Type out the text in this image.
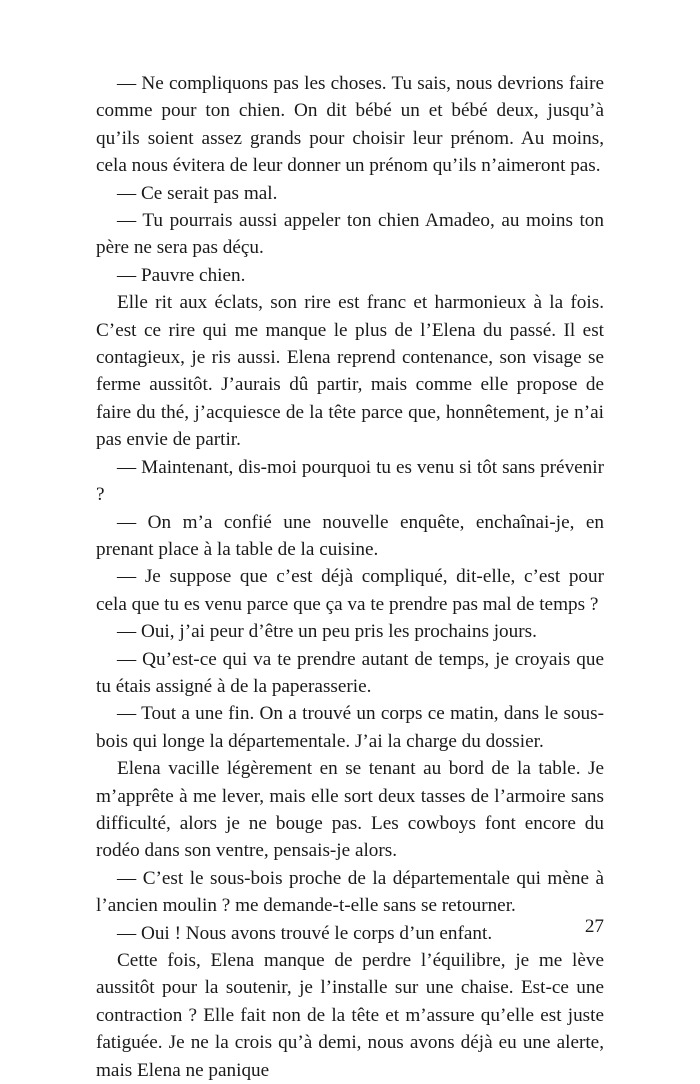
— Ne compliquons pas les choses. Tu sais, nous devrions faire comme pour ton chien. On dit bébé un et bébé deux, jusqu’à qu’ils soient assez grands pour choisir leur prénom. Au moins, cela nous évitera de leur donner un prénom qu’ils n’aimeront pas.

— Ce serait pas mal.

— Tu pourrais aussi appeler ton chien Amadeo, au moins ton père ne sera pas déçu.

— Pauvre chien.

Elle rit aux éclats, son rire est franc et harmonieux à la fois. C’est ce rire qui me manque le plus de l’Elena du passé. Il est contagieux, je ris aussi. Elena reprend contenance, son visage se ferme aussitôt. J’aurais dû partir, mais comme elle propose de faire du thé, j’acquiesce de la tête parce que, honnêtement, je n’ai pas envie de partir.

— Maintenant, dis-moi pourquoi tu es venu si tôt sans prévenir ?

— On m’a confié une nouvelle enquête, enchaînai-je, en prenant place à la table de la cuisine.

— Je suppose que c’est déjà compliqué, dit-elle, c’est pour cela que tu es venu parce que ça va te prendre pas mal de temps ?

— Oui, j’ai peur d’être un peu pris les prochains jours.

— Qu’est-ce qui va te prendre autant de temps, je croyais que tu étais assigné à de la paperasserie.

— Tout a une fin. On a trouvé un corps ce matin, dans le sous-bois qui longe la départementale. J’ai la charge du dossier.

Elena vacille légèrement en se tenant au bord de la table. Je m’apprête à me lever, mais elle sort deux tasses de l’armoire sans difficulté, alors je ne bouge pas. Les cowboys font encore du rodéo dans son ventre, pensais-je alors.

— C’est le sous-bois proche de la départementale qui mène à l’ancien moulin ? me demande-t-elle sans se retourner.

— Oui ! Nous avons trouvé le corps d’un enfant.

Cette fois, Elena manque de perdre l’équilibre, je me lève aussitôt pour la soutenir, je l’installe sur une chaise. Est-ce une contraction ? Elle fait non de la tête et m’assure qu’elle est juste fatiguée. Je ne la crois qu’à demi, nous avons déjà eu une alerte, mais Elena ne panique

27
